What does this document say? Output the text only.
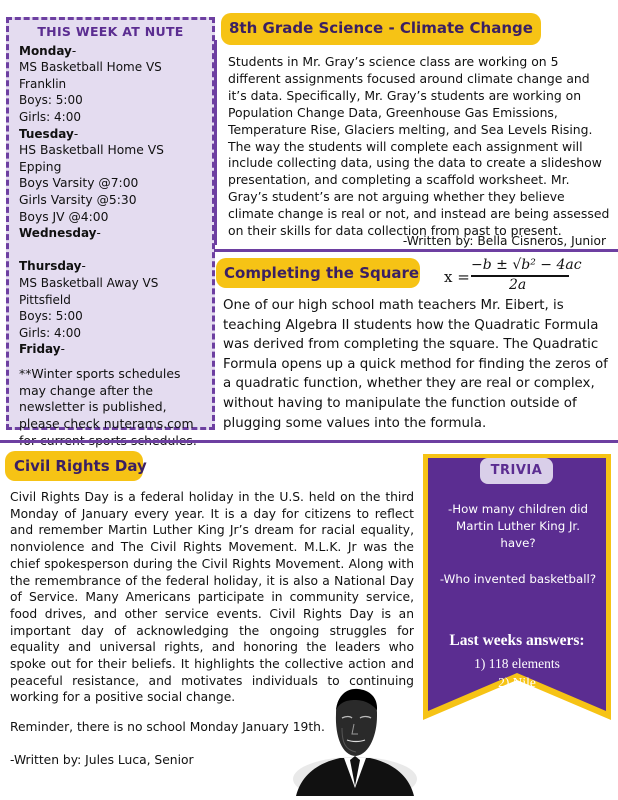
THIS WEEK AT NUTE
Monday -
MS Basketball Home VS Franklin
Boys: 5:00
Girls: 4:00
Tuesday -
HS Basketball Home VS Epping
Boys Varsity @7:00
Girls Varsity @5:30
Boys JV @4:00
Wednesday -
Thursday -
MS Basketball Away VS
Pittsfield
Boys: 5:00
Girls: 4:00
Friday -
**Winter sports schedules may change after the newsletter is published, please check nuterams.com
8th Grade Science - Climate Change
Students in Mr. Gray’s science class are working on 5 different assignments focused around climate change and it’s data. Specifically, Mr. Gray’s students are working on Population Change Data, Greenhouse Gas Emissions, Temperature Rise, Glaciers melting, and Sea Levels Rising. The way the students will complete each assignment will include collecting data, using the data to create a slideshow presentation, and completing a scaffold worksheet. Mr. Gray’s student’s are not arguing whether they believe climate change is real or not, and instead are being assessed on their skills for data collection from past to present.
-Written by: Bella Cisneros, Junior
Completing the Square x =
−b ± √b² − 4ac
2a
One of our high school math teachers Mr. Eibert, is teaching Algebra II students how the Quadratic Formula was derived from completing the square. The Quadratic Formula opens up a quick method for finding the zeros of a quadratic function, whether they are real or complex, without having to manipulate the function outside of plugging some values into the formula.
Civil Rights Day
Civil Rights Day is a federal holiday in the U.S. held on the third Monday of January every year. It is a day for citizens to reflect and remember Martin Luther King Jr’s dream for racial equality, nonviolence and The Civil Rights Movement. M.L.K. Jr was the chief spokesperson during the Civil Rights Movement. Along with the remembrance of the federal holiday, it is also a National Day of Service. Many Americans participate in community service, food drives, and other service events. Civil Rights Day is an important day of acknowledging the ongoing struggles for equality and universal rights, and honoring the leaders who spoke out for their beliefs. It highlights the collective action and peaceful resistance, and motivates individuals to continuing working for a positive social change.
Reminder, there is no school Monday January 19th.
-Written by: Jules Luca, Senior
TRIVIA
-How many children did Martin Luther King Jr. have?
-Who invented basketball?
Last weeks answers:
1) 118 elements
2) Nile
